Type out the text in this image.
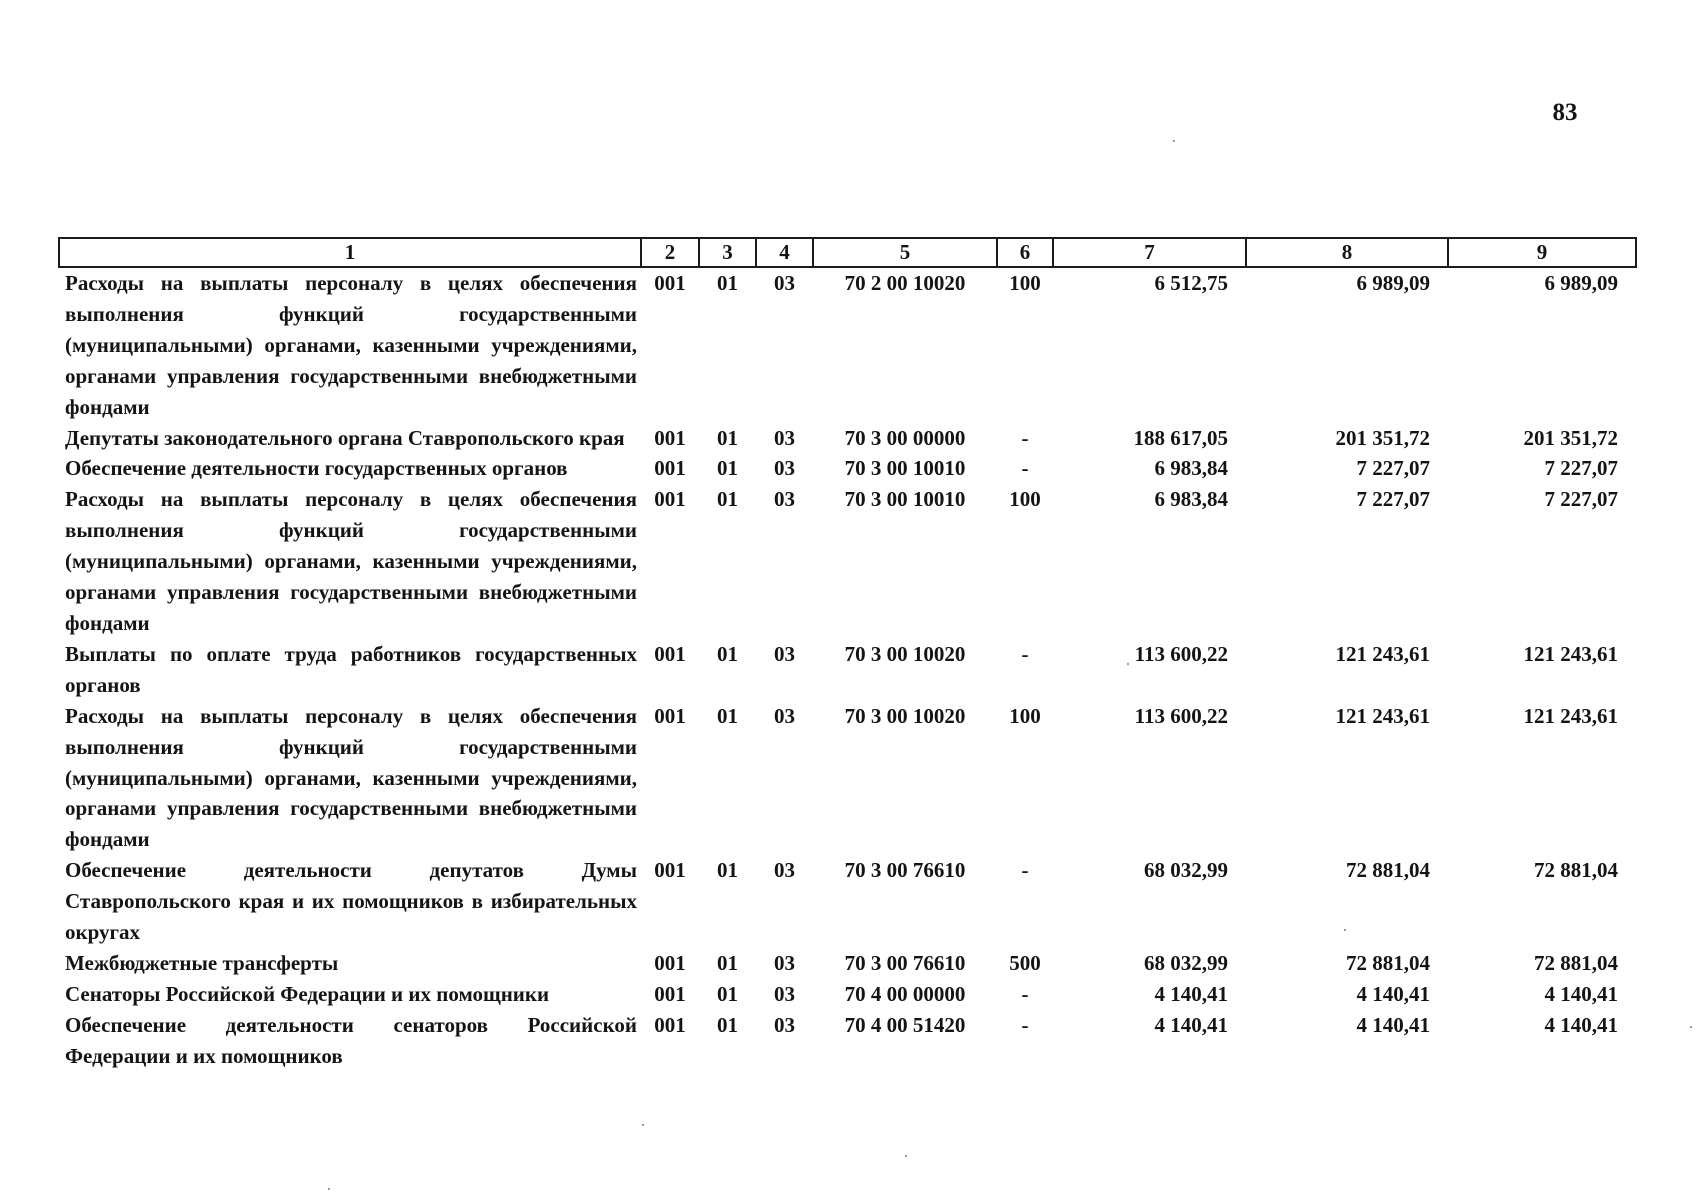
83
1	2	3	4	5	6	7	8	9
Расходы на выплаты персоналу в целях обеспечения выполнения функций государственными (муниципальными) органами, казенными учреждениями, органами управления государственными внебюджетными фондами	001	01	03	70 2 00 10020	100	6 512,75	6 989,09	6 989,09
Депутаты законодательного органа Ставропольского края	001	01	03	70 3 00 00000	-	188 617,05	201 351,72	201 351,72
Обеспечение деятельности государственных органов	001	01	03	70 3 00 10010	-	6 983,84	7 227,07	7 227,07
Расходы на выплаты персоналу в целях обеспечения выполнения функций государственными (муниципальными) органами, казенными учреждениями, органами управления государственными внебюджетными фондами	001	01	03	70 3 00 10010	100	6 983,84	7 227,07	7 227,07
Выплаты по оплате труда работников государственных органов	001	01	03	70 3 00 10020	-	113 600,22	121 243,61	121 243,61
Расходы на выплаты персоналу в целях обеспечения выполнения функций государственными (муниципальными) органами, казенными учреждениями, органами управления государственными внебюджетными фондами	001	01	03	70 3 00 10020	100	113 600,22	121 243,61	121 243,61
Обеспечение деятельности депутатов Думы Ставропольского края и их помощников в избирательных округах	001	01	03	70 3 00 76610	-	68 032,99	72 881,04	72 881,04
Межбюджетные трансферты	001	01	03	70 3 00 76610	500	68 032,99	72 881,04	72 881,04
Сенаторы Российской Федерации и их помощники	001	01	03	70 4 00 00000	-	4 140,41	4 140,41	4 140,41
Обеспечение деятельности сенаторов Российской Федерации и их помощников	001	01	03	70 4 00 51420	-	4 140,41	4 140,41	4 140,41
